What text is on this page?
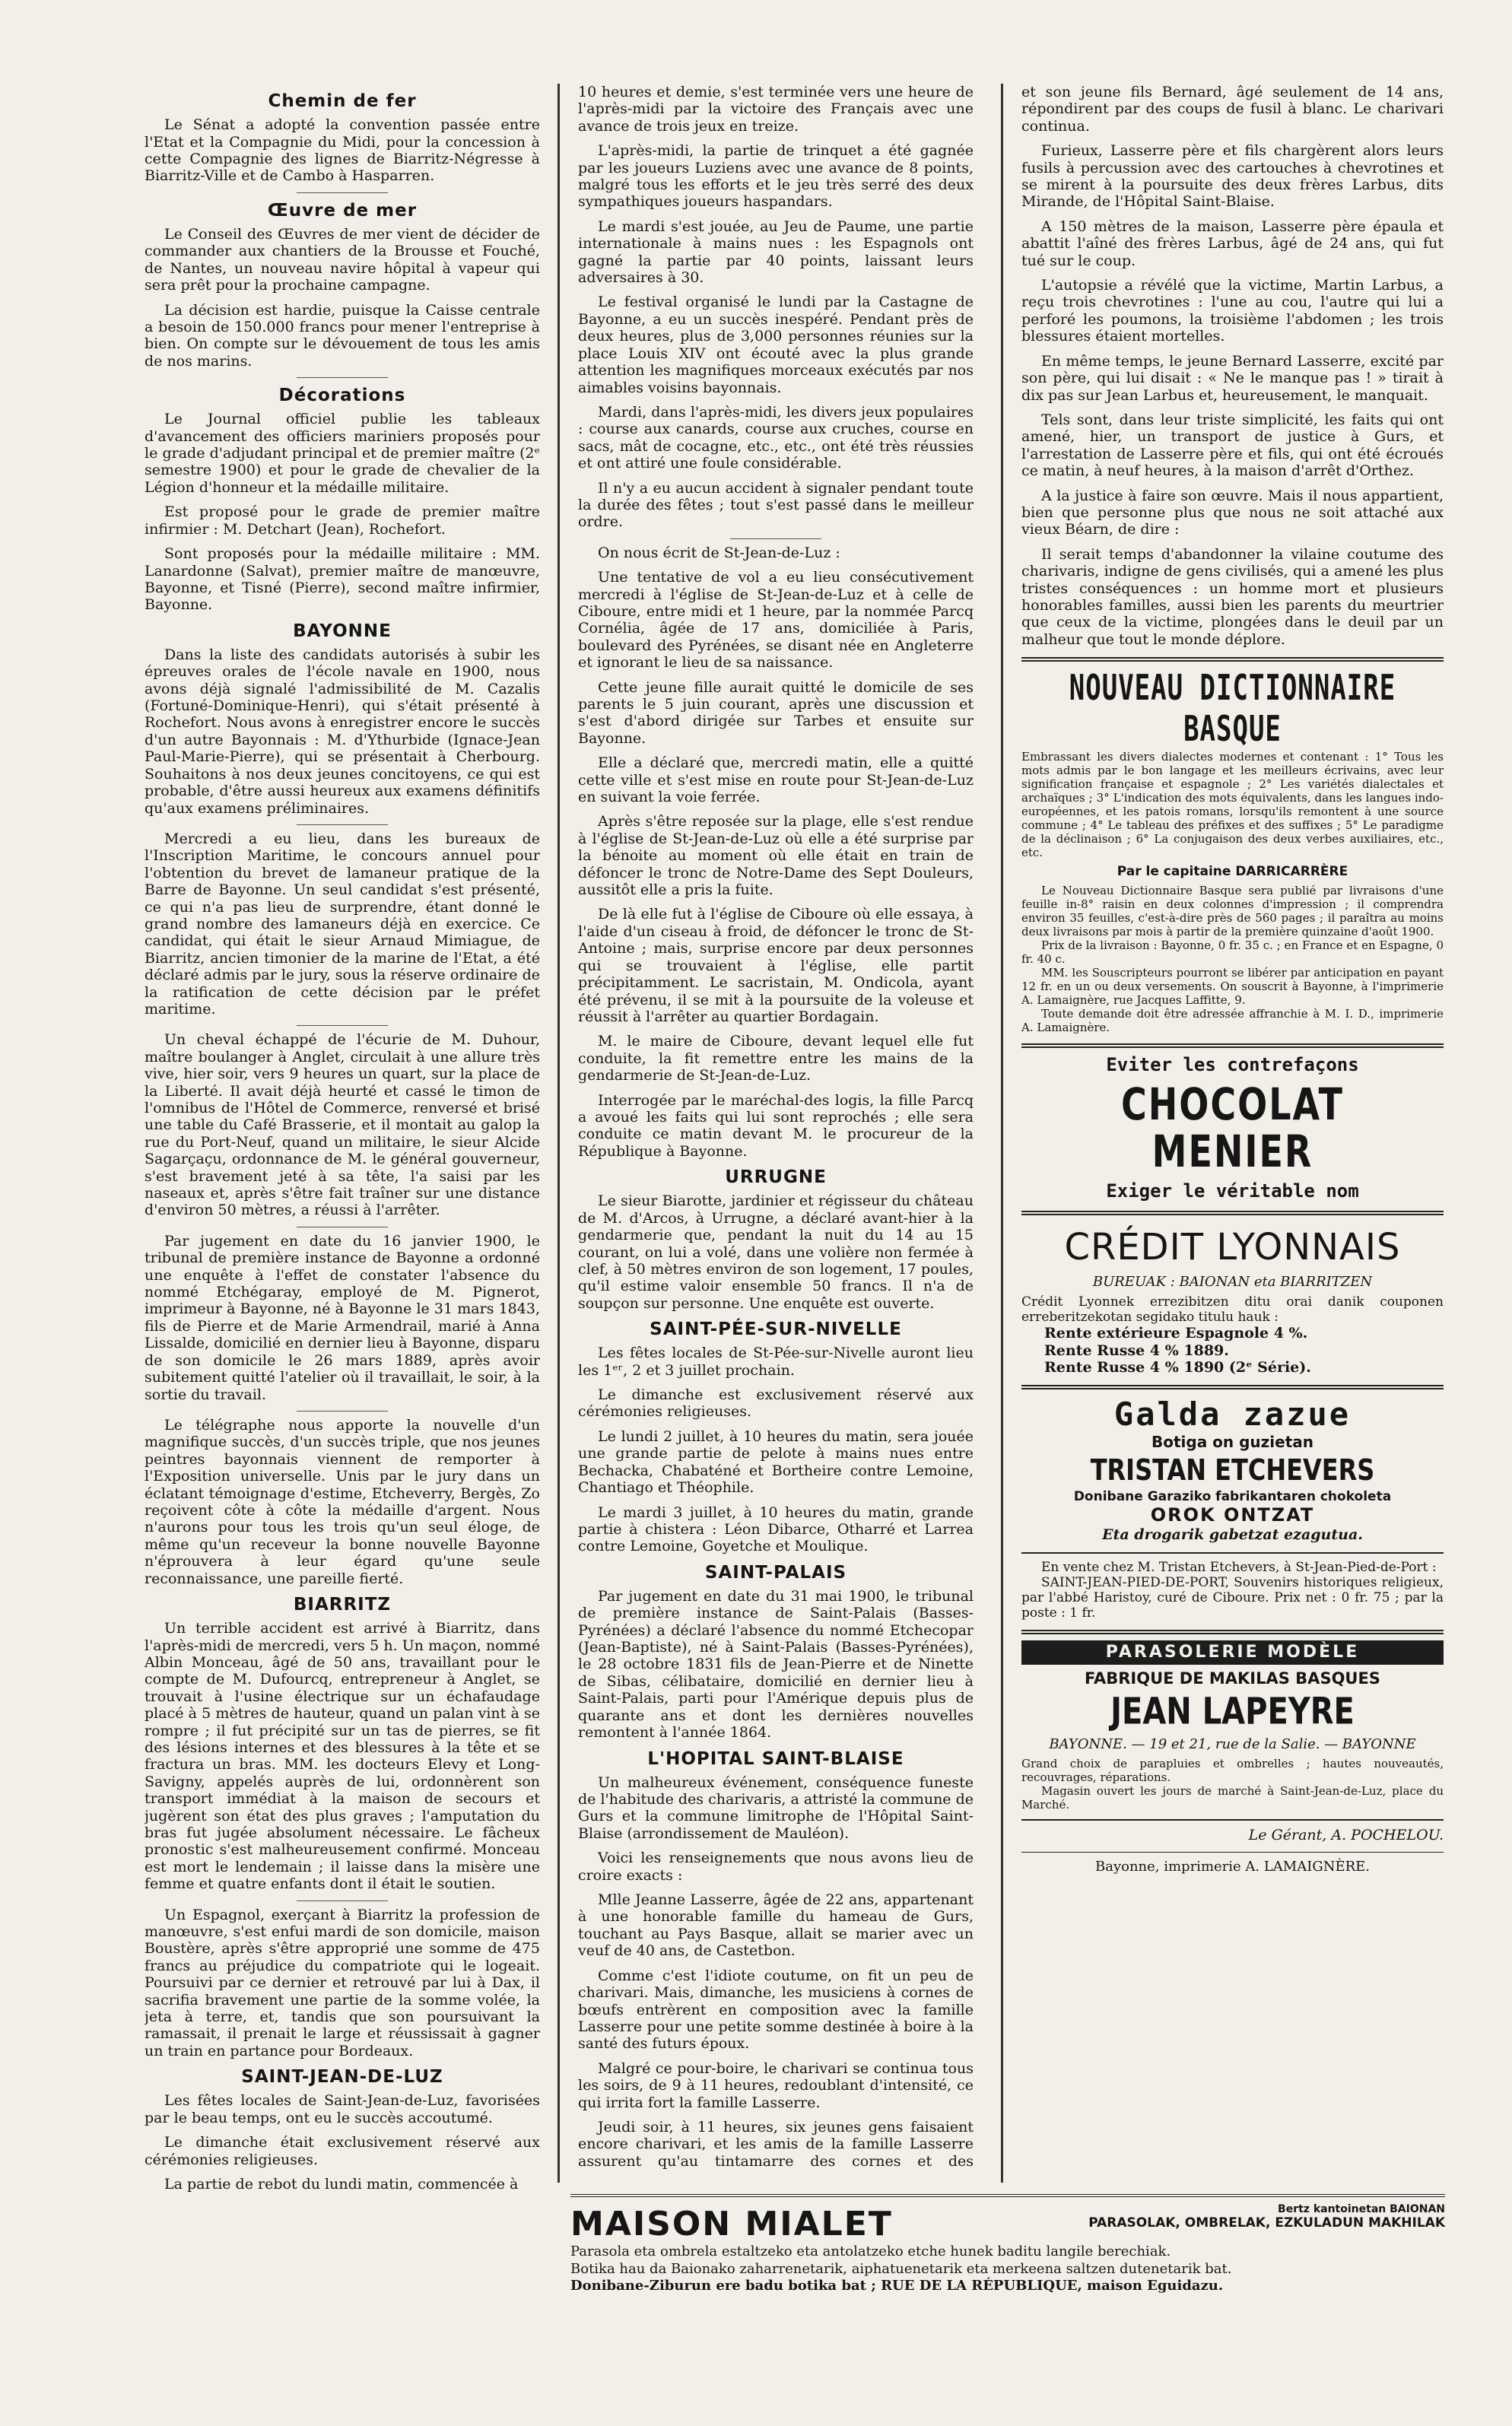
Chemin de fer

Le Sénat a adopté la convention passée entre l'Etat et la Compagnie du Midi, pour la concession à cette Compagnie des lignes de Biarritz-Négresse à Biarritz-Ville et de Cambo à Hasparren.

Œuvre de mer

Le Conseil des Œuvres de mer vient de décider de commander aux chantiers de la Brousse et Fouché, de Nantes, un nouveau navire hôpital à vapeur qui sera prêt pour la prochaine campagne.

La décision est hardie, puisque la Caisse centrale a besoin de 150.000 francs pour mener l'entreprise à bien. On compte sur le dévouement de tous les amis de nos marins.

Décorations

Le Journal officiel publie les tableaux d'avancement des officiers mariniers proposés pour le grade d'adjudant principal et de premier maître (2ᵉ semestre 1900) et pour le grade de chevalier de la Légion d'honneur et la médaille militaire.

Est proposé pour le grade de premier maître infirmier : M. Detchart (Jean), Rochefort.

Sont proposés pour la médaille militaire : MM. Lanardonne (Salvat), premier maître de manœuvre, Bayonne, et Tisné (Pierre), second maître infirmier, Bayonne.

BAYONNE

Dans la liste des candidats autorisés à subir les épreuves orales de l'école navale en 1900, nous avons déjà signalé l'admissibilité de M. Cazalis (Fortuné-Dominique-Henri), qui s'était présenté à Rochefort. Nous avons à enregistrer encore le succès d'un autre Bayonnais : M. d'Ythurbide (Ignace-Jean Paul-Marie-Pierre), qui se présentait à Cherbourg. Souhaitons à nos deux jeunes concitoyens, ce qui est probable, d'être aussi heureux aux examens définitifs qu'aux examens préliminaires.

Mercredi a eu lieu, dans les bureaux de l'Inscription Maritime, le concours annuel pour l'obtention du brevet de lamaneur pratique de la Barre de Bayonne. Un seul candidat s'est présenté, ce qui n'a pas lieu de surprendre, étant donné le grand nombre des lamaneurs déjà en exercice. Ce candidat, qui était le sieur Arnaud Mimiague, de Biarritz, ancien timonier de la marine de l'Etat, a été déclaré admis par le jury, sous la réserve ordinaire de la ratification de cette décision par le préfet maritime.

Un cheval échappé de l'écurie de M. Duhour, maître boulanger à Anglet, circulait à une allure très vive, hier soir, vers 9 heures un quart, sur la place de la Liberté. Il avait déjà heurté et cassé le timon de l'omnibus de l'Hôtel de Commerce, renversé et brisé une table du Café Brasserie, et il montait au galop la rue du Port-Neuf, quand un militaire, le sieur Alcide Sagarçaçu, ordonnance de M. le général gouverneur, s'est bravement jeté à sa tête, l'a saisi par les naseaux et, après s'être fait traîner sur une distance d'environ 50 mètres, a réussi à l'arrêter.

Par jugement en date du 16 janvier 1900, le tribunal de première instance de Bayonne a ordonné une enquête à l'effet de constater l'absence du nommé Etchégaray, employé de M. Pignerot, imprimeur à Bayonne, né à Bayonne le 31 mars 1843, fils de Pierre et de Marie Armendrail, marié à Anna Lissalde, domicilié en dernier lieu à Bayonne, disparu de son domicile le 26 mars 1889, après avoir subitement quitté l'atelier où il travaillait, le soir, à la sortie du travail.

Le télégraphe nous apporte la nouvelle d'un magnifique succès, d'un succès triple, que nos jeunes peintres bayonnais viennent de remporter à l'Exposition universelle. Unis par le jury dans un éclatant témoignage d'estime, Etcheverry, Bergès, Zo reçoivent côte à côte la médaille d'argent. Nous n'aurons pour tous les trois qu'un seul éloge, de même qu'un receveur la bonne nouvelle Bayonne n'éprouvera à leur égard qu'une seule reconnaissance, une pareille fierté.

BIARRITZ

Un terrible accident est arrivé à Biarritz, dans l'après-midi de mercredi, vers 5 h. Un maçon, nommé Albin Monceau, âgé de 50 ans, travaillant pour le compte de M. Dufourcq, entrepreneur à Anglet, se trouvait à l'usine électrique sur un échafaudage placé à 5 mètres de hauteur, quand un palan vint à se rompre ; il fut précipité sur un tas de pierres, se fit des lésions internes et des blessures à la tête et se fractura un bras. MM. les docteurs Elevy et Long-Savigny, appelés auprès de lui, ordonnèrent son transport immédiat à la maison de secours et jugèrent son état des plus graves ; l'amputation du bras fut jugée absolument nécessaire. Le fâcheux pronostic s'est malheureusement confirmé. Monceau est mort le lendemain ; il laisse dans la misère une femme et quatre enfants dont il était le soutien.

Un Espagnol, exerçant à Biarritz la profession de manœuvre, s'est enfui mardi de son domicile, maison Boustère, après s'être approprié une somme de 475 francs au préjudice du compatriote qui le logeait. Poursuivi par ce dernier et retrouvé par lui à Dax, il sacrifia bravement une partie de la somme volée, la jeta à terre, et, tandis que son poursuivant la ramassait, il prenait le large et réussissait à gagner un train en partance pour Bordeaux.

SAINT-JEAN-DE-LUZ

Les fêtes locales de Saint-Jean-de-Luz, favorisées par le beau temps, ont eu le succès accoutumé.

Le dimanche était exclusivement réservé aux cérémonies religieuses.

La partie de rebot du lundi matin, commencée à

10 heures et demie, s'est terminée vers une heure de l'après-midi par la victoire des Français avec une avance de trois jeux en treize.

L'après-midi, la partie de trinquet a été gagnée par les joueurs Luziens avec une avance de 8 points, malgré tous les efforts et le jeu très serré des deux sympathiques joueurs haspandars.

Le mardi s'est jouée, au Jeu de Paume, une partie internationale à mains nues : les Espagnols ont gagné la partie par 40 points, laissant leurs adversaires à 30.

Le festival organisé le lundi par la Castagne de Bayonne, a eu un succès inespéré. Pendant près de deux heures, plus de 3,000 personnes réunies sur la place Louis XIV ont écouté avec la plus grande attention les magnifiques morceaux exécutés par nos aimables voisins bayonnais.

Mardi, dans l'après-midi, les divers jeux populaires : course aux canards, course aux cruches, course en sacs, mât de cocagne, etc., etc., ont été très réussies et ont attiré une foule considérable.

Il n'y a eu aucun accident à signaler pendant toute la durée des fêtes ; tout s'est passé dans le meilleur ordre.

On nous écrit de St-Jean-de-Luz :

Une tentative de vol a eu lieu consécutivement mercredi à l'église de St-Jean-de-Luz et à celle de Ciboure, entre midi et 1 heure, par la nommée Parcq Cornélia, âgée de 17 ans, domiciliée à Paris, boulevard des Pyrénées, se disant née en Angleterre et ignorant le lieu de sa naissance.

Cette jeune fille aurait quitté le domicile de ses parents le 5 juin courant, après une discussion et s'est d'abord dirigée sur Tarbes et ensuite sur Bayonne.

Elle a déclaré que, mercredi matin, elle a quitté cette ville et s'est mise en route pour St-Jean-de-Luz en suivant la voie ferrée.

Après s'être reposée sur la plage, elle s'est rendue à l'église de St-Jean-de-Luz où elle a été surprise par la bénoite au moment où elle était en train de défoncer le tronc de Notre-Dame des Sept Douleurs, aussitôt elle a pris la fuite.

De là elle fut à l'église de Ciboure où elle essaya, à l'aide d'un ciseau à froid, de défoncer le tronc de St-Antoine ; mais, surprise encore par deux personnes qui se trouvaient à l'église, elle partit précipitamment. Le sacristain, M. Ondicola, ayant été prévenu, il se mit à la poursuite de la voleuse et réussit à l'arrêter au quartier Bordagain.

M. le maire de Ciboure, devant lequel elle fut conduite, la fit remettre entre les mains de la gendarmerie de St-Jean-de-Luz.

Interrogée par le maréchal-des logis, la fille Parcq a avoué les faits qui lui sont reprochés ; elle sera conduite ce matin devant M. le procureur de la République à Bayonne.

URRUGNE

Le sieur Biarotte, jardinier et régisseur du château de M. d'Arcos, à Urrugne, a déclaré avant-hier à la gendarmerie que, pendant la nuit du 14 au 15 courant, on lui a volé, dans une volière non fermée à clef, à 50 mètres environ de son logement, 17 poules, qu'il estime valoir ensemble 50 francs. Il n'a de soupçon sur personne. Une enquête est ouverte.

SAINT-PÉE-SUR-NIVELLE

Les fêtes locales de St-Pée-sur-Nivelle auront lieu les 1ᵉʳ, 2 et 3 juillet prochain.

Le dimanche est exclusivement réservé aux cérémonies religieuses.

Le lundi 2 juillet, à 10 heures du matin, sera jouée une grande partie de pelote à mains nues entre Bechacka, Chabaténé et Bortheire contre Lemoine, Chantiago et Théophile.

Le mardi 3 juillet, à 10 heures du matin, grande partie à chistera : Léon Dibarce, Otharré et Larrea contre Lemoine, Goyetche et Moulique.

SAINT-PALAIS

Par jugement en date du 31 mai 1900, le tribunal de première instance de Saint-Palais (Basses-Pyrénées) a déclaré l'absence du nommé Etchecopar (Jean-Baptiste), né à Saint-Palais (Basses-Pyrénées), le 28 octobre 1831 fils de Jean-Pierre et de Ninette de Sibas, célibataire, domicilié en dernier lieu à Saint-Palais, parti pour l'Amérique depuis plus de quarante ans et dont les dernières nouvelles remontent à l'année 1864.

L'HOPITAL SAINT-BLAISE

Un malheureux événement, conséquence funeste de l'habitude des charivaris, a attristé la commune de Gurs et la commune limitrophe de l'Hôpital Saint-Blaise (arrondissement de Mauléon).

Voici les renseignements que nous avons lieu de croire exacts :

Mlle Jeanne Lasserre, âgée de 22 ans, appartenant à une honorable famille du hameau de Gurs, touchant au Pays Basque, allait se marier avec un veuf de 40 ans, de Castetbon.

Comme c'est l'idiote coutume, on fit un peu de charivari. Mais, dimanche, les musiciens à cornes de bœufs entrèrent en composition avec la famille Lasserre pour une petite somme destinée à boire à la santé des futurs époux.

Malgré ce pour-boire, le charivari se continua tous les soirs, de 9 à 11 heures, redoublant d'intensité, ce qui irrita fort la famille Lasserre.

Jeudi soir, à 11 heures, six jeunes gens faisaient encore charivari, et les amis de la famille Lasserre assurent qu'au tintamarre des cornes et des

et son jeune fils Bernard, âgé seulement de 14 ans, répondirent par des coups de fusil à blanc. Le charivari continua.

Furieux, Lasserre père et fils chargèrent alors leurs fusils à percussion avec des cartouches à chevrotines et se mirent à la poursuite des deux frères Larbus, dits Mirande, de l'Hôpital Saint-Blaise.

A 150 mètres de la maison, Lasserre père épaula et abattit l'aîné des frères Larbus, âgé de 24 ans, qui fut tué sur le coup.

L'autopsie a révélé que la victime, Martin Larbus, a reçu trois chevrotines : l'une au cou, l'autre qui lui a perforé les poumons, la troisième l'abdomen ; les trois blessures étaient mortelles.

En même temps, le jeune Bernard Lasserre, excité par son père, qui lui disait : « Ne le manque pas ! » tirait à dix pas sur Jean Larbus et, heureusement, le manquait.

Tels sont, dans leur triste simplicité, les faits qui ont amené, hier, un transport de justice à Gurs, et l'arrestation de Lasserre père et fils, qui ont été écroués ce matin, à neuf heures, à la maison d'arrêt d'Orthez.

A la justice à faire son œuvre. Mais il nous appartient, bien que personne plus que nous ne soit attaché aux vieux Béarn, de dire :

Il serait temps d'abandonner la vilaine coutume des charivaris, indigne de gens civilisés, qui a amené les plus tristes conséquences : un homme mort et plusieurs honorables familles, aussi bien les parents du meurtrier que ceux de la victime, plongées dans le deuil par un malheur que tout le monde déplore.

NOUVEAU DICTIONNAIRE BASQUE
Embrassant les divers dialectes modernes et contenant : 1° Tous les mots admis par le bon langage et les meilleurs écrivains, avec leur signification française et espagnole ; 2° Les variétés dialectales et archaïques ; 3° L'indication des mots équivalents, dans les langues indo-européennes, et les patois romans, lorsqu'ils remontent à une source commune ; 4° Le tableau des préfixes et des suffixes ; 5° Le paradigme de la déclinaison ; 6° La conjugaison des deux verbes auxiliaires, etc., etc.
Par le capitaine DARRICARRÈRE
Le Nouveau Dictionnaire Basque sera publié par livraisons d'une feuille in-8° raisin en deux colonnes d'impression ; il comprendra environ 35 feuilles, c'est-à-dire près de 560 pages ; il paraîtra au moins deux livraisons par mois à partir de la première quinzaine d'août 1900.
Prix de la livraison : Bayonne, 0 fr. 35 c. ; en France et en Espagne, 0 fr. 40 c.
MM. les Souscripteurs pourront se libérer par anticipation en payant 12 fr. en un ou deux versements. On souscrit à Bayonne, à l'imprimerie A. Lamaignère, rue Jacques Laffitte, 9.
Toute demande doit être adressée affranchie à M. I. D., imprimerie A. Lamaignère.
Eviter les contrefaçons
CHOCOLAT
MENIER
Exiger le véritable nom
CRÉDIT LYONNAIS
BUREUAK : BAIONAN eta BIARRITZEN
Crédit Lyonnek errezibitzen ditu orai danik couponen erreberitzekotan segidako titulu hauk :
Rente extérieure Espagnole 4 %.
Rente Russe 4 % 1889.
Rente Russe 4 % 1890 (2ᵉ Série).
Galda zazue
Botiga on guzietan
TRISTAN ETCHEVERS
Donibane Garaziko fabrikantaren chokoleta
OROK ONTZAT
Eta drogarik gabetzat ezagutua.
En vente chez M. Tristan Etchevers, à St-Jean-Pied-de-Port :
SAINT-JEAN-PIED-DE-PORT, Souvenirs historiques religieux, par l'abbé Haristoy, curé de Ciboure. Prix net : 0 fr. 75 ; par la poste : 1 fr.
PARASOLERIE MODÈLE
FABRIQUE DE MAKILAS BASQUES
JEAN LAPEYRE
BAYONNE. — 19 et 21, rue de la Salie. — BAYONNE
Grand choix de parapluies et ombrelles ; hautes nouveautés, recouvrages, réparations.
Magasin ouvert les jours de marché à Saint-Jean-de-Luz, place du Marché.
Le Gérant, A. POCHELOU.
Bayonne, imprimerie A. LAMAIGNÈRE.
MAISON MIALET	Bertz kantoinetan BAIONAN
PARASOLAK, OMBRELAK, EZKULADUN MAKHILAK
Parasola eta ombrela estaltzeko eta antolatzeko etche hunek baditu langile berechiak.
Botika hau da Baionako zaharrenetarik, aiphatuenetarik eta merkeena saltzen dutenetarik bat.
Donibane-Ziburun ere badu botika bat ; RUE DE LA RÉPUBLIQUE, maison Eguidazu.
